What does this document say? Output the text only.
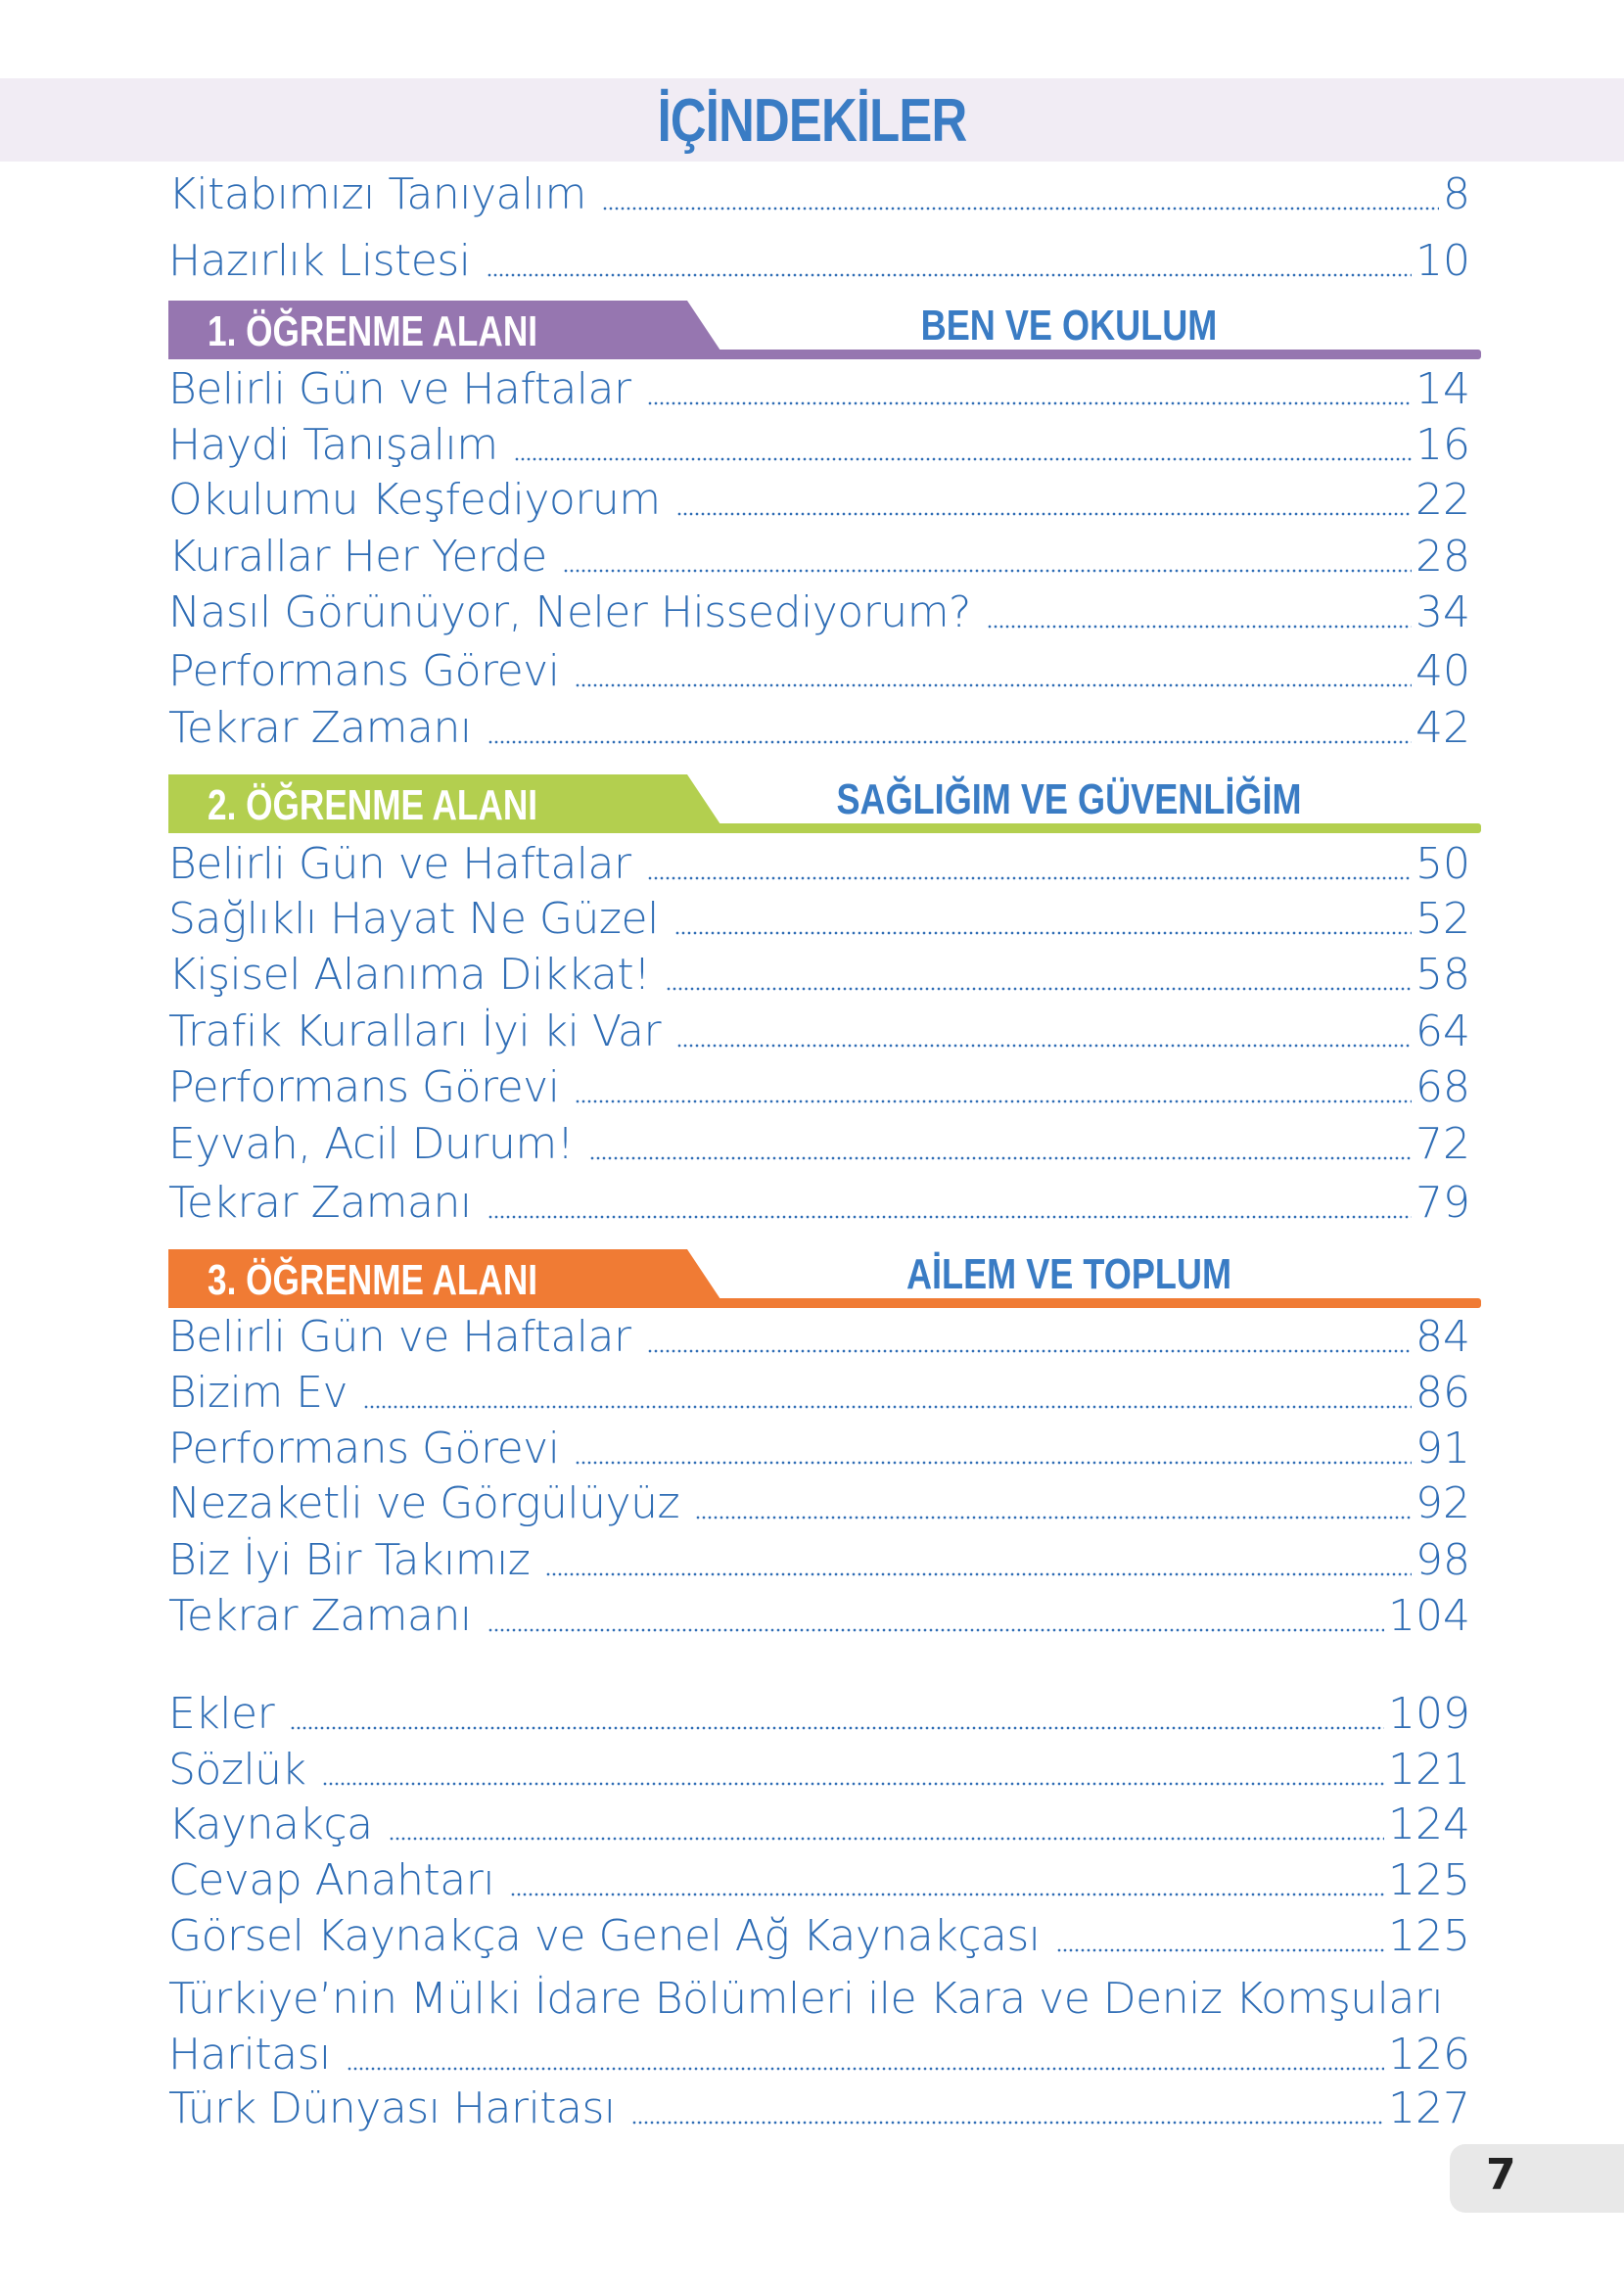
İÇİNDEKİLER
Kitabımızı Tanıyalım	8
Hazırlık Listesi	10
1. ÖĞRENME ALANI	BEN VE OKULUM
Belirli Gün ve Haftalar	14
Haydi Tanışalım	16
Okulumu Keşfediyorum	22
Kurallar Her Yerde	28
Nasıl Görünüyor, Neler Hissediyorum?	34
Performans Görevi	40
Tekrar Zamanı	42
2. ÖĞRENME ALANI	SAĞLIĞIM VE GÜVENLİĞİM
Belirli Gün ve Haftalar	50
Sağlıklı Hayat Ne Güzel	52
Kişisel Alanıma Dikkat!	58
Trafik Kuralları İyi ki Var	64
Performans Görevi	68
Eyvah, Acil Durum!	72
Tekrar Zamanı	79
3. ÖĞRENME ALANI	AİLEM VE TOPLUM
Belirli Gün ve Haftalar	84
Bizim Ev	86
Performans Görevi	91
Nezaketli ve Görgülüyüz	92
Biz İyi Bir Takımız	98
Tekrar Zamanı	104
Ekler	109
Sözlük	121
Kaynakça	124
Cevap Anahtarı	125
Görsel Kaynakça ve Genel Ağ Kaynakçası	125
Türkiye’nin Mülki İdare Bölümleri ile Kara ve Deniz Komşuları
Haritası	126
Türk Dünyası Haritası	127
7
